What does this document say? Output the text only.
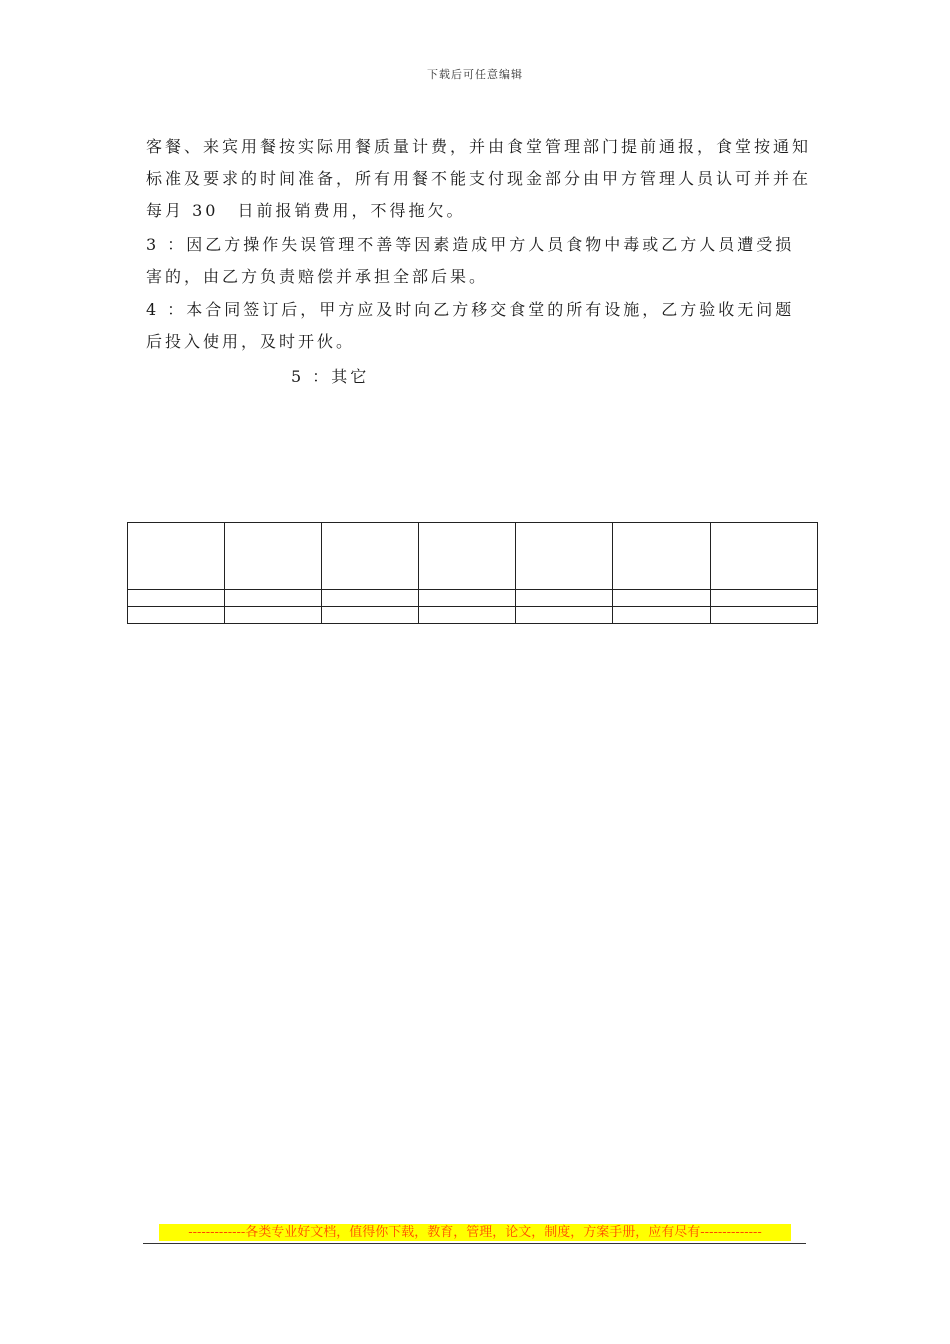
下载后可任意编辑

客餐、来宾用餐按实际用餐质量计费，并由食堂管理部门提前通报，食堂按通知标准及要求的时间准备，所有用餐不能支付现金部分由甲方管理人员认可并并在每月 30　日前报销费用，不得拖欠。

3 ：因乙方操作失误管理不善等因素造成甲方人员食物中毒或乙方人员遭受损害的，由乙方负责赔偿并承担全部后果。

4 ：本合同签订后，甲方应及时向乙方移交食堂的所有设施，乙方验收无问题后投入使用，及时开伙。

5 ：其它

-------------各类专业好文档，值得你下载，教育，管理，论文，制度，方案手册，应有尽有--------------
